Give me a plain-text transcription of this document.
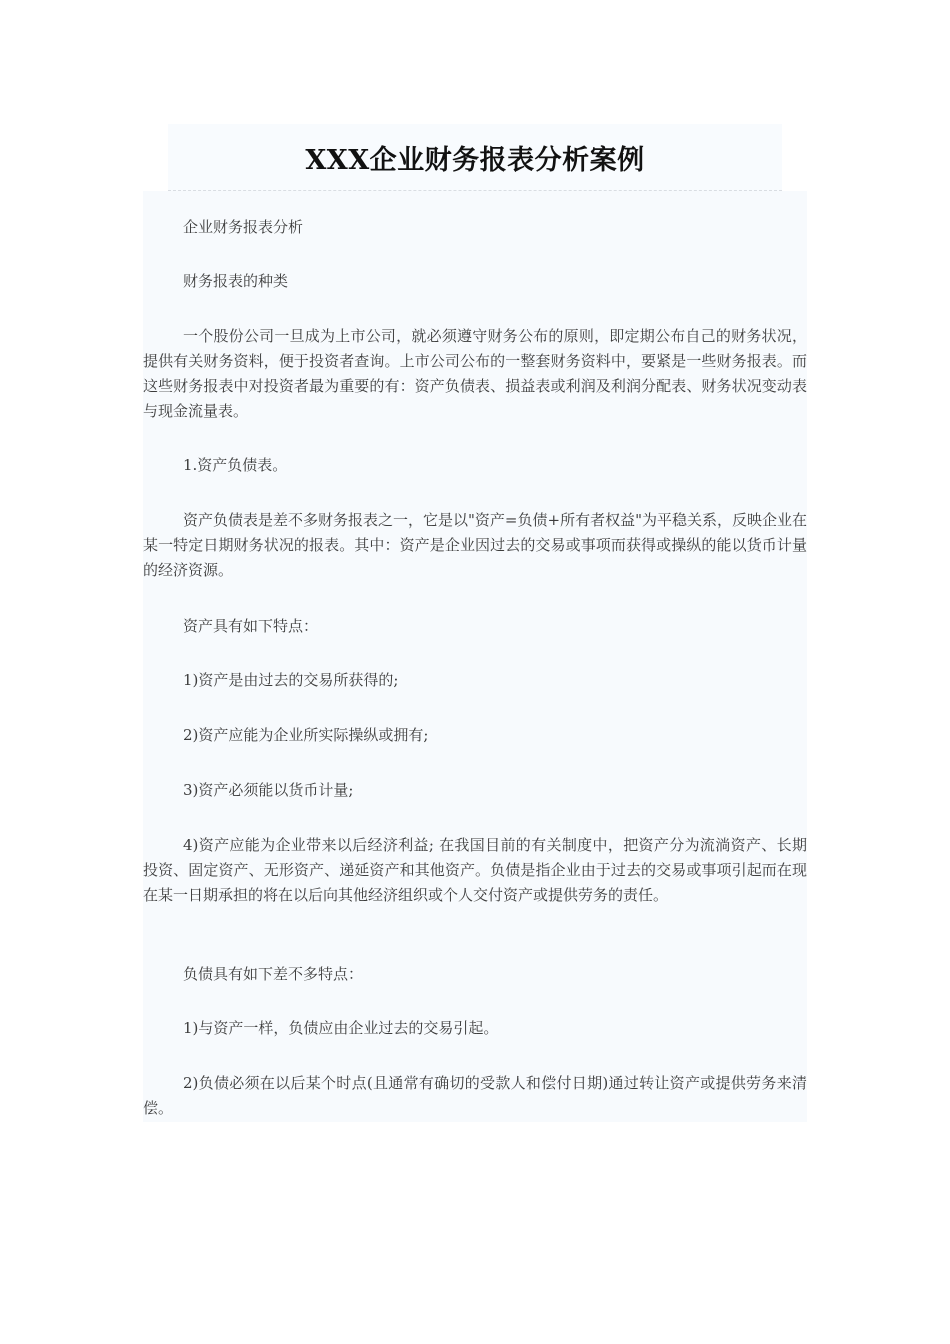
XXX企业财务报表分析案例

企业财务报表分析

财务报表的种类

一个股份公司一旦成为上市公司，就必须遵守财务公布的原则，即定期公布自己的财务状况，提供有关财务资料，便于投资者查询。上市公司公布的一整套财务资料中，要紧是一些财务报表。而这些财务报表中对投资者最为重要的有：资产负债表、损益表或利润及利润分配表、财务状况变动表与现金流量表。

1.资产负债表。

资产负债表是差不多财务报表之一，它是以"资产=负债+所有者权益"为平稳关系，反映企业在某一特定日期财务状况的报表。其中：资产是企业因过去的交易或事项而获得或操纵的能以货币计量的经济资源。

资产具有如下特点：

1)资产是由过去的交易所获得的;

2)资产应能为企业所实际操纵或拥有;

3)资产必须能以货币计量;

4)资产应能为企业带来以后经济利益; 在我国目前的有关制度中，把资产分为流淌资产、长期投资、固定资产、无形资产、递延资产和其他资产。负债是指企业由于过去的交易或事项引起而在现在某一日期承担的将在以后向其他经济组织或个人交付资产或提供劳务的责任。

负债具有如下差不多特点：

1)与资产一样，负债应由企业过去的交易引起。

2)负债必须在以后某个时点(且通常有确切的受款人和偿付日期)通过转让资产或提供劳务来清偿。
